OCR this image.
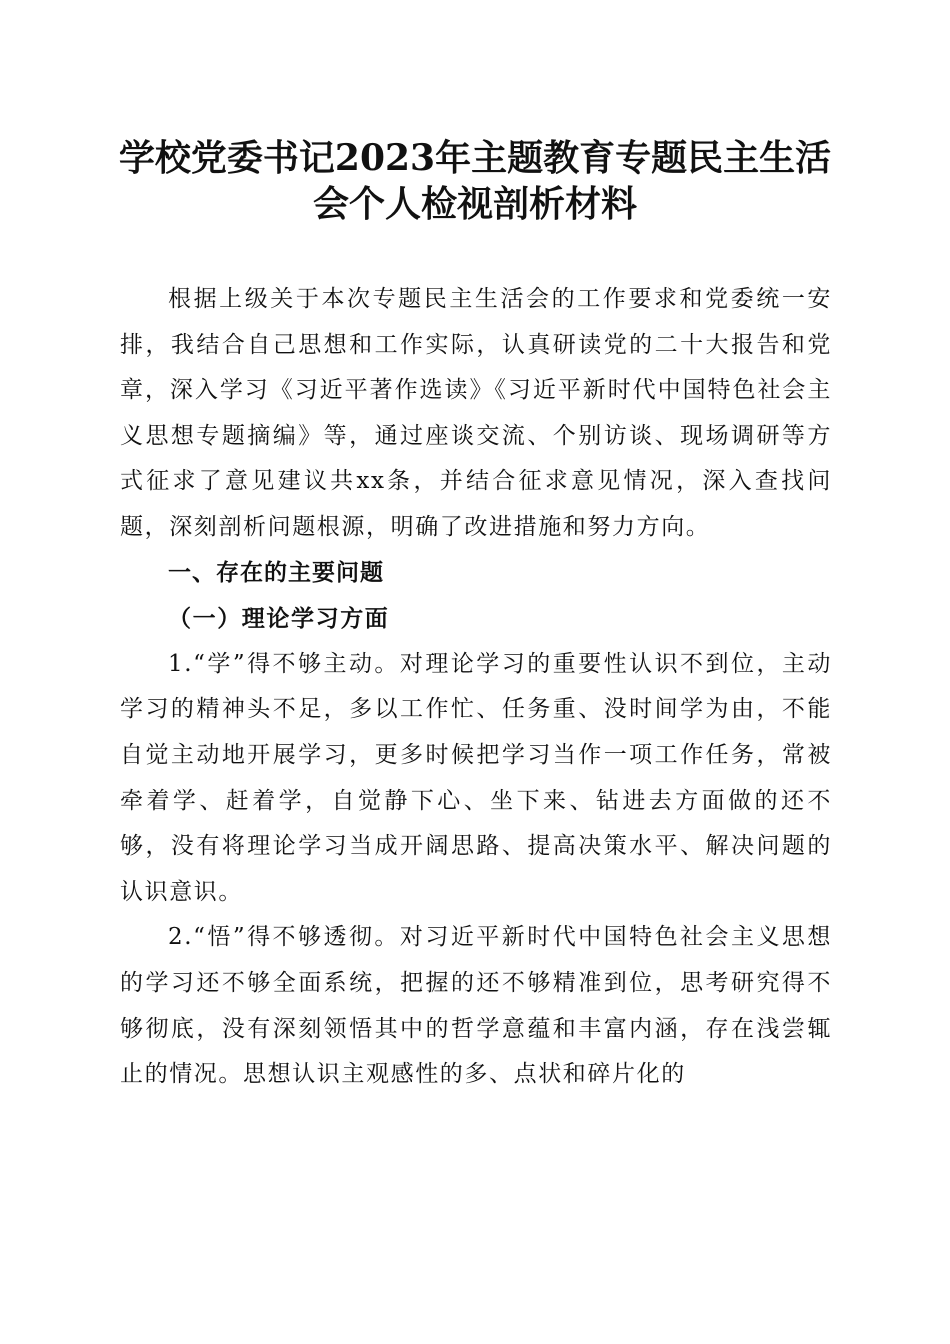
学校党委书记2023年主题教育专题民主生活
会个人检视剖析材料

根据上级关于本次专题民主生活会的工作要求和党委统一安排，我结合自己思想和工作实际，认真研读党的二十大报告和党章，深入学习《习近平著作选读》《习近平新时代中国特色社会主义思想专题摘编》等，通过座谈交流、个别访谈、现场调研等方式征求了意见建议共xx条，并结合征求意见情况，深入查找问题，深刻剖析问题根源，明确了改进措施和努力方向。

一、存在的主要问题

（一）理论学习方面

1.“学”得不够主动。对理论学习的重要性认识不到位，主动学习的精神头不足，多以工作忙、任务重、没时间学为由，不能自觉主动地开展学习，更多时候把学习当作一项工作任务，常被牵着学、赶着学，自觉静下心、坐下来、钻进去方面做的还不够，没有将理论学习当成开阔思路、提高决策水平、解决问题的认识意识。

2.“悟”得不够透彻。对习近平新时代中国特色社会主义思想的学习还不够全面系统，把握的还不够精准到位，思考研究得不够彻底，没有深刻领悟其中的哲学意蕴和丰富内涵，存在浅尝辄止的情况。思想认识主观感性的多、点状和碎片化的
